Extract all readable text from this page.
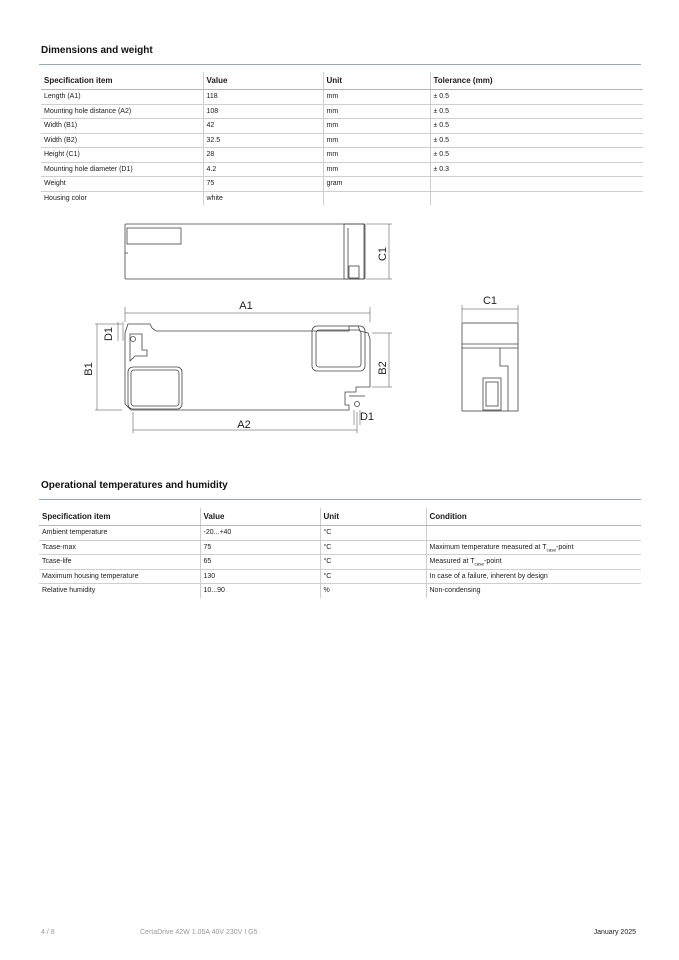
Dimensions and weight
Specification item	Value	Unit	Tolerance (mm)
Length (A1)	118	mm	± 0.5
Mounting hole distance (A2)	108	mm	± 0.5
Width (B1)	42	mm	± 0.5
Width (B2)	32.5	mm	± 0.5
Height (C1)	28	mm	± 0.5
Mounting hole diameter (D1)	4.2	mm	± 0.3
Weight	75	gram	
Housing color	white		
A1
A2
C1
D1
C1
B1	B2
D1
Operational temperatures and humidity
Specification item	Value	Unit	Condition
Ambient temperature	-20...+40	°C	
Tcase-max	75	°C	Maximum temperature measured at $T_{case}$-point
Tcase-life	65	°C	Measured at $T_{case}$-point
Maximum housing temperature	130	°C	In case of a failure, inherent by design
Relative humidity	10...90	%	Non-condensing
4 / 8	CertaDrive 42W 1.05A 40V 230V I G5	January 2025
